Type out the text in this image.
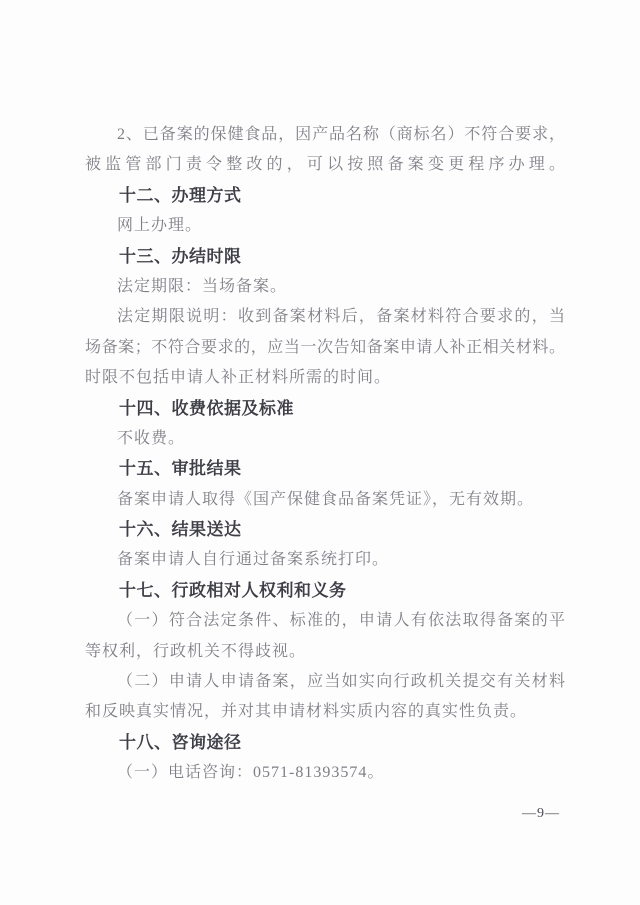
2、已备案的保健食品，因产品名称（商标名）不符合要求，
被监管部门责令整改的，可以按照备案变更程序办理。
十二、办理方式
网上办理。
十三、办结时限
法定期限：当场备案。
法定期限说明：收到备案材料后，备案材料符合要求的，当
场备案；不符合要求的，应当一次告知备案申请人补正相关材料。
时限不包括申请人补正材料所需的时间。
十四、收费依据及标准
不收费。
十五、审批结果
备案申请人取得《国产保健食品备案凭证》，无有效期。
十六、结果送达
备案申请人自行通过备案系统打印。
十七、行政相对人权利和义务
（一）符合法定条件、标准的，申请人有依法取得备案的平
等权利，行政机关不得歧视。
（二）申请人申请备案，应当如实向行政机关提交有关材料
和反映真实情况，并对其申请材料实质内容的真实性负责。
十八、咨询途径
（一）电话咨询：0571-81393574。
—9—
